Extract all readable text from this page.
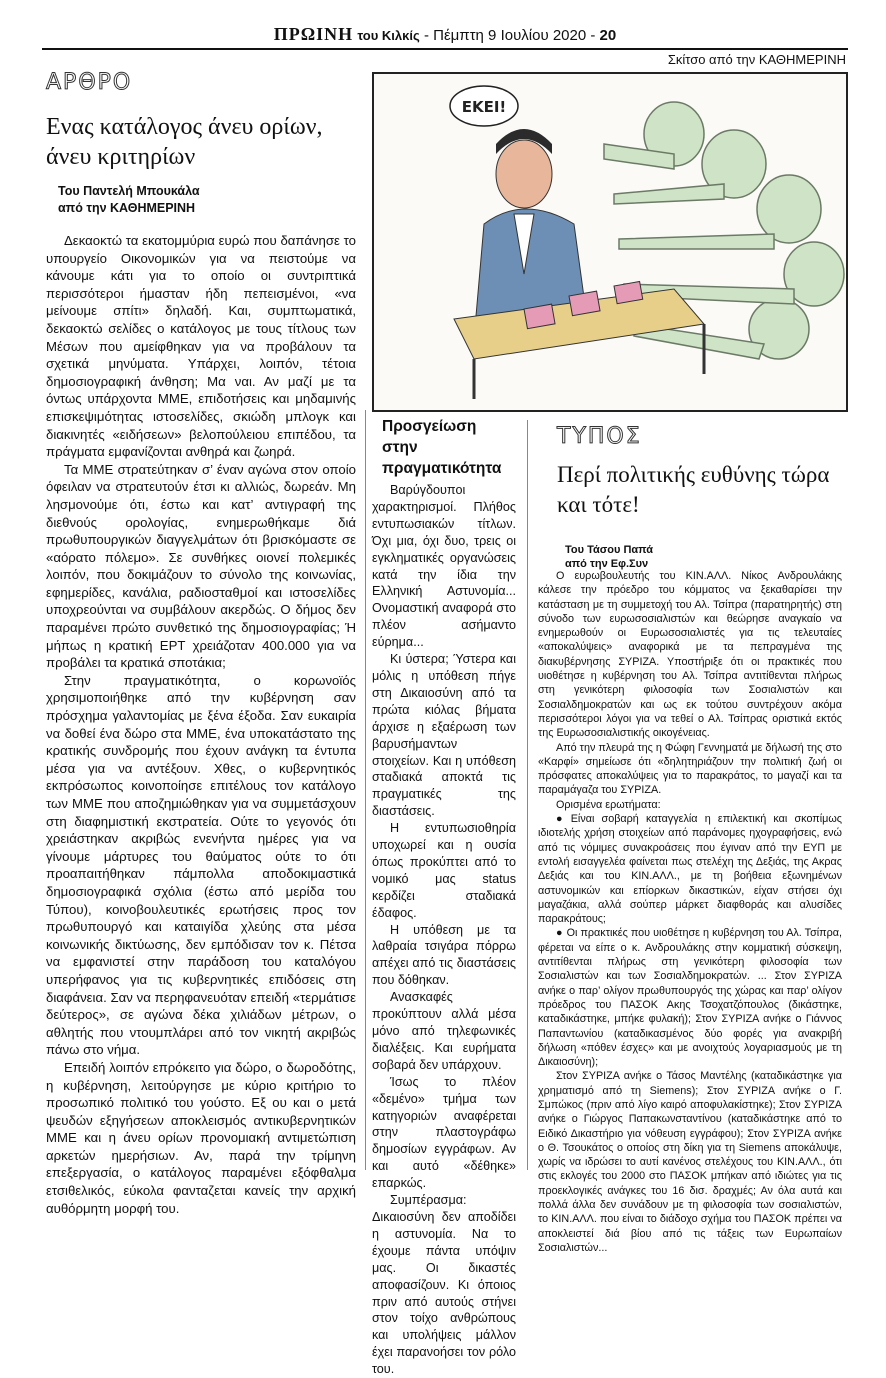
ΠΡΩΙΝΗ του Κιλκίς - Πέμπτη 9 Ιουλίου 2020 - 20
Σκίτσο από την ΚΑΘΗΜΕΡΙΝΗ
ΑΡΘΡΟ
Ενας κατάλογος άνευ ορίων,
άνευ κριτηρίων
Του Παντελή Μπουκάλα
από την ΚΑΘΗΜΕΡΙΝΗ

Δεκαοκτώ τα εκατομμύρια ευρώ που δαπάνησε το υπουργείο Οικονομικών για να πειστούμε να κάνουμε κάτι για το οποίο οι συντριπτικά περισσότεροι ήμασταν ήδη πεπεισμένοι, «να μείνουμε σπίτι» δηλαδή. Και, συμπτωματικά, δεκαοκτώ σελίδες ο κατάλογος με τους τίτλους των Μέσων που αμείφθηκαν για να προβάλουν τα σχετικά μηνύματα. Υπάρχει, λοιπόν, τέτοια δημοσιογραφική άνθηση; Μα ναι. Αν μαζί με τα όντως υπάρχοντα ΜΜΕ, επιδοτήσεις και μηδαμινής επισκεψιμότητας ιστοσελίδες, σκιώδη μπλογκ και διακινητές «ειδήσεων» βελοπούλειου επιπέδου, τα πράγματα εμφανίζονται ανθηρά και ζωηρά.

Τα ΜΜΕ στρατεύτηκαν σ’ έναν αγώνα στον οποίο όφειλαν να στρατευτούν έτσι κι αλλιώς, δωρεάν. Μη λησμονούμε ότι, έστω και κατ’ αντιγραφή της διεθνούς ορολογίας, ενημερωθήκαμε διά πρωθυπουργικών διαγγελμάτων ότι βρισκόμαστε σε «αόρατο πόλεμο». Σε συνθήκες οιονεί πολεμικές λοιπόν, που δοκιμάζουν το σύνολο της κοινωνίας, εφημερίδες, κανάλια, ραδιοσταθμοί και ιστοσελίδες υποχρεούνται να συμβάλουν ακερδώς. Ο δήμος δεν παραμένει πρώτο συνθετικό της δημοσιογραφίας; Ή μήπως η κρατική ΕΡΤ χρειάζοταν 400.000 για να προβάλει τα κρατικά σποτάκια;

Στην πραγματικότητα, ο κορωνοϊός χρησιμοποιήθηκε από την κυβέρνηση σαν πρόσχημα γαλαντομίας με ξένα έξοδα. Σαν ευκαιρία να δοθεί ένα δώρο στα ΜΜΕ, ένα υποκατάστατο της κρατικής συνδρομής που έχουν ανάγκη τα έντυπα μέσα για να αντέξουν. Χθες, ο κυβερνητικός εκπρόσωπος κοινοποίησε επιτέλους τον κατάλογο των ΜΜΕ που αποζημιώθηκαν για να συμμετάσχουν στη διαφημιστική εκστρατεία. Ούτε το γεγονός ότι χρειάστηκαν ακριβώς ενενήντα ημέρες για να γίνουμε μάρτυρες του θαύματος ούτε το ότι προαπαιτήθηκαν πάμπολλα αποδοκιμαστικά δημοσιογραφικά σχόλια (έστω από μερίδα του Τύπου), κοινοβουλευτικές ερωτήσεις προς τον πρωθυπουργό και καταιγίδα χλεύης στα μέσα κοινωνικής δικτύωσης, δεν εμπόδισαν τον κ. Πέτσα να εμφανιστεί στην παράδοση του καταλόγου υπερήφανος για τις κυβερνητικές επιδόσεις στη διαφάνεια. Σαν να περηφανευόταν επειδή «τερμάτισε δεύτερος», σε αγώνα δέκα χιλιάδων μέτρων, ο αθλητής που ντουμπλάρει από τον νικητή ακριβώς πάνω στο νήμα.

Επειδή λοιπόν επρόκειτο για δώρο, ο δωροδότης, η κυβέρνηση, λειτούργησε με κύριο κριτήριο το προσωπικό πολιτικό του γούστο. Εξ ου και ο μετά ψευδών εξηγήσεων αποκλεισμός αντικυβερνητικών ΜΜΕ και η άνευ ορίων προνομιακή αντιμετώπιση αρκετών ημερήσιων. Αν, παρά την τρίμηνη επεξεργασία, ο κατάλογος παραμένει εξόφθαλμα ετσιθελικός, εύκολα φανταζεται κανείς την αρχική αυθόρμητη μορφή του.

ΕΚΕΙ!
Προσγείωση
στην
πραγματικότητα

Βαρύγδουποι χαρακτηρισμοί. Πλήθος εντυπωσιακών τίτλων. Όχι μια, όχι δυο, τρεις οι εγκληματικές οργανώσεις κατά την ίδια την Ελληνική Αστυνομία... Ονομαστική αναφορά στο πλέον ασήμαντο εύρημα...

Κι ύστερα; Ύστερα και μόλις η υπόθεση πήγε στη Δικαιοσύνη από τα πρώτα κιόλας βήματα άρχισε η εξαέρωση των βαρυσήμαντων στοιχείων. Και η υπόθεση σταδιακά αποκτά τις πραγματικές της διαστάσεις.

Η εντυπωσιοθηρία υποχωρεί και η ουσία όπως προκύπτει από το νομικό μας status κερδίζει σταδιακά έδαφος.

Η υπόθεση με τα λαθραία τσιγάρα πόρρω απέχει από τις διαστάσεις που δόθηκαν.

Ανασκαφές προκύπτουν αλλά μέσα μόνο από τηλεφωνικές διαλέξεις. Και ευρήματα σοβαρά δεν υπάρχουν.

Ίσως το πλέον «δεμένο» τμήμα των κατηγοριών αναφέρεται στην πλαστογράφω δημοσίων εγγράφων. Αν και αυτό «δέθηκε» επαρκώς.

Συμπέρασμα: Δικαιοσύνη δεν αποδίδει η αστυνομία. Να το έχουμε πάντα υπόψιν μας. Οι δικαστές αποφασίζουν. Κι όποιος πριν από αυτούς στήνει στον τοίχο ανθρώπους και υπολήψεις μάλλον έχει παρανοήσει τον ρόλο του.

ΤΥΠΟΣ
Περί πολιτικής ευθύνης τώρα
και τότε!
Του Τάσου Παπά
από την Εφ.Συν

Ο ευρωβουλευτής του ΚΙΝ.ΑΛΛ. Νίκος Ανδρουλάκης κάλεσε την πρόεδρο του κόμματος να ξεκαθαρίσει την κατάσταση με τη συμμετοχή του Αλ. Τσίπρα (παρατηρητής) στη σύνοδο των ευρωσοσιαλιστών και θεώρησε αναγκαίο να ενημερωθούν οι Ευρωσοσιαλιστές για τις τελευταίες «αποκαλύψεις» αναφορικά με τα πεπραγμένα της διακυβέρνησης ΣΥΡΙΖΑ. Υποστήριξε ότι οι πρακτικές που υιοθέτησε η κυβέρνηση του Αλ. Τσίπρα αντιτίθενται πλήρως στη γενικότερη φιλοσοφία των Σοσιαλιστών και Σοσιαλδημοκρατών και ως εκ τούτου συντρέχουν ακόμα περισσότεροι λόγοι για να τεθεί ο Αλ. Τσίπρας οριστικά εκτός της Ευρωσοσιαλιστικής οικογένειας.

Από την πλευρά της η Φώφη Γεννηματά με δήλωσή της στο «Καρφί» σημείωσε ότι «δηλητηριάζουν την πολιτική ζωή οι πρόσφατες αποκαλύψεις για το παρακράτος, το μαγαζί και τα παραμάγαζα του ΣΥΡΙΖΑ.

Ορισμένα ερωτήματα:

● Είναι σοβαρή καταγγελία η επιλεκτική και σκοπίμως ιδιοτελής χρήση στοιχείων από παράνομες ηχογραφήσεις, ενώ από τις νόμιμες συνακροάσεις που έγιναν από την ΕΥΠ με εντολή εισαγγελέα φαίνεται πως στελέχη της Δεξιάς, της Ακρας Δεξιάς και του ΚΙΝ.ΑΛΛ., με τη βοήθεια εξωνημένων αστυνομικών και επίορκων δικαστικών, είχαν στήσει όχι μαγαζάκια, αλλά σούπερ μάρκετ διαφθοράς και αλυσίδες παρακράτους;

● Οι πρακτικές που υιοθέτησε η κυβέρνηση του Αλ. Τσίπρα, φέρεται να είπε ο κ. Ανδρουλάκης στην κομματική σύσκεψη, αντιτίθενται πλήρως στη γενικότερη φιλοσοφία των Σοσιαλιστών και των Σοσιαλδημοκρατών. ... Στον ΣΥΡΙΖΑ ανήκε ο παρ’ ολίγον πρωθυπουργός της χώρας και παρ’ ολίγον πρόεδρος του ΠΑΣΟΚ Ακης Τσοχατζόπουλος (δικάστηκε, καταδικάστηκε, μπήκε φυλακή); Στον ΣΥΡΙΖΑ ανήκε ο Γιάννος Παπαντωνίου (καταδικασμένος δύο φορές για ανακριβή δήλωση «πόθεν έσχες» και με ανοιχτούς λογαριασμούς με τη Δικαιοσύνη);

Στον ΣΥΡΙΖΑ ανήκε ο Τάσος Μαντέλης (καταδικάστηκε για χρηματισμό από τη Siemens); Στον ΣΥΡΙΖΑ ανήκε ο Γ. Σμπώκος (πριν από λίγο καιρό αποφυλακίστηκε); Στον ΣΥΡΙΖΑ ανήκε ο Γιώργος Παπακωνσταντίνου (καταδικάστηκε από το Ειδικό Δικαστήριο για νόθευση εγγράφου); Στον ΣΥΡΙΖΑ ανήκε ο Θ. Τσουκάτος ο οποίος στη δίκη για τη Siemens αποκάλυψε, χωρίς να ιδρώσει το αυτί κανένος στελέχους του ΚΙΝ.ΑΛΛ., ότι στις εκλογές του 2000 στο ΠΑΣΟΚ μπήκαν από ιδιώτες για τις προεκλογικές ανάγκες του 16 δισ. δραχμές; Αν όλα αυτά και πολλά άλλα δεν συνάδουν με τη φιλοσοφία των σοσιαλιστών, το ΚΙΝ.ΑΛΛ. που είναι το διάδοχο σχήμα του ΠΑΣΟΚ πρέπει να αποκλειστεί διά βίου από τις τάξεις των Ευρωπαίων Σοσιαλιστών...
